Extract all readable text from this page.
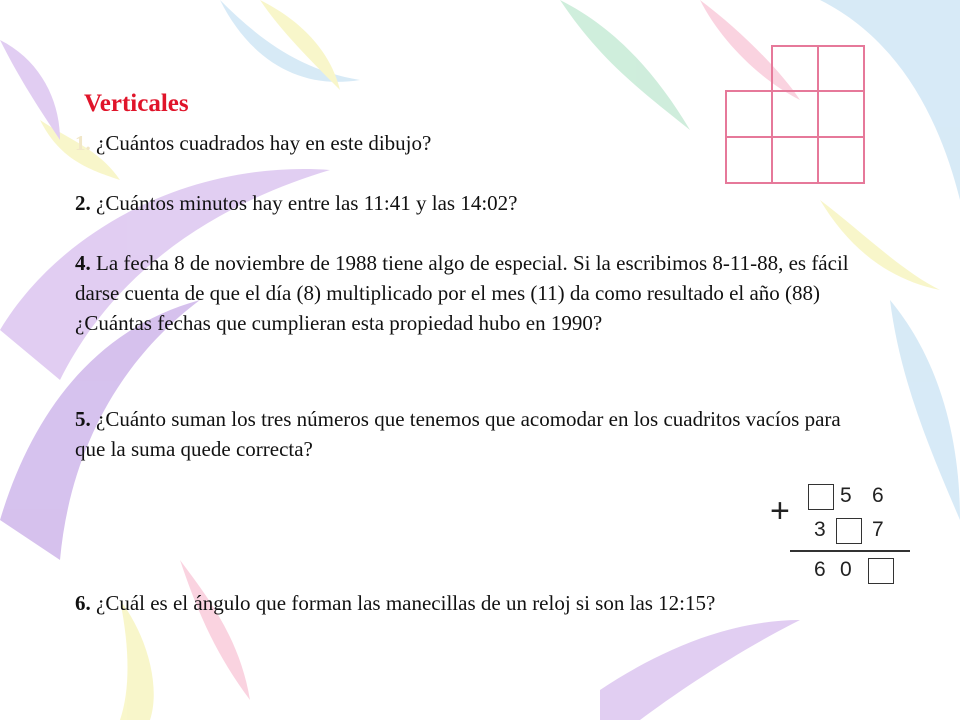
Verticales
1. ¿Cuántos cuadrados hay en este dibujo?
2. ¿Cuántos minutos hay entre las 11:41 y las 14:02?
4. La fecha 8 de noviembre de 1988 tiene algo de especial. Si la escribimos 8-11-88, es fácil darse cuenta de que el día (8) multiplicado por el mes (11) da como resultado el año (88) ¿Cuántas fechas que cumplieran esta propiedad hubo en 1990?
5. ¿Cuánto suman los tres números que tenemos que acomodar en los cuadritos vacíos para que la suma quede correcta?
6. ¿Cuál es el ángulo que forman las manecillas de un reloj si son las 12:15?
+ 5 6
3 7
6 0
